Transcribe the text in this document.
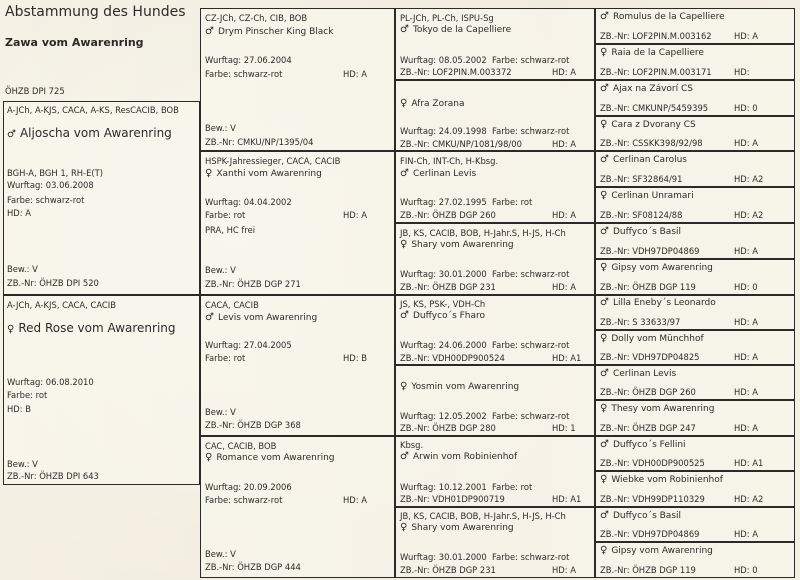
Abstammung des Hundes
Zawa vom Awarenring
ÖHZB DPI 725
A-JCh, A-KJS, CACA, A-KS, ResCACIB, BOB
♂ Aljoscha vom Awarenring
BGH-A, BGH 1, RH-E(T)
Wurftag: 03.06.2008
Farbe: schwarz-rot
HD: A
Bew.: V
ZB.-Nr: ÖHZB DPI 520
A-JCh, A-KJS, CACA, CACIB
♀ Red Rose vom Awarenring
Wurftag: 06.08.2010
Farbe: rot
HD: B
Bew.: V
ZB.-Nr: ÖHZB DPI 643
CZ-JCh, CZ-Ch, CIB, BOB
♂ Drym Pinscher King Black
Wurftag: 27.06.2004
Farbe: schwarz-rot	HD: A
Bew.: V
ZB.-Nr: CMKU/NP/1395/04
HSPK-Jahressieger, CACA, CACIB
♀ Xanthi vom Awarenring
Wurftag: 04.04.2002
Farbe: rot	HD: A
PRA, HC frei
Bew.: V
ZB.-Nr: ÖHZB DGP 271
CACA, CACIB
♂ Levis vom Awarenring
Wurftag: 27.04.2005
Farbe: rot	HD: B
Bew.: V
ZB.-Nr: ÖHZB DGP 368
CAC, CACIB, BOB
♀ Romance vom Awarenring
Wurftag: 20.09.2006
Farbe: schwarz-rot	HD: A
Bew.: V
ZB.-Nr: ÖHZB DGP 444
PL-JCh, PL-Ch, ISPU-Sg
♂ Tokyo de la Capelliere
Wurftag: 08.05.2002 Farbe: schwarz-rot
ZB.-Nr: LOF2PIN.M.003372	HD: A
♀ Afra Zorana
Wurftag: 24.09.1998 Farbe: schwarz-rot
ZB.-Nr: CMKU/NP/1081/98/00	HD: A
FIN-Ch, INT-Ch, H-Kbsg.
♂ Cerlinan Levis
Wurftag: 27.02.1995 Farbe: rot
ZB.-Nr: ÖHZB DGP 260	HD: A
JB, KS, CACIB, BOB, H-Jahr.S, H-JS, H-Ch
♀ Shary vom Awarenring
Wurftag: 30.01.2000 Farbe: schwarz-rot
ZB.-Nr: ÖHZB DGP 231	HD: A
JS, KS, PSK-, VDH-Ch
♂ Duffyco´s Fharo
Wurftag: 24.06.2000 Farbe: schwarz-rot
ZB.-Nr: VDH00DP900524	HD: A1
♀ Yosmin vom Awarenring
Wurftag: 12.05.2002 Farbe: schwarz-rot
ZB.-Nr: ÖHZB DGP 280	HD: 1
Kbsg.
♂ Arwin vom Robinienhof
Wurftag: 10.12.2001 Farbe: rot
ZB.-Nr: VDH01DP900719	HD: A1
JB, KS, CACIB, BOB, H-Jahr.S, H-JS, H-Ch
♀ Shary vom Awarenring
Wurftag: 30.01.2000 Farbe: schwarz-rot
ZB.-Nr: ÖHZB DGP 231	HD: A
♂ Romulus de la Capelliere
ZB.-Nr: LOF2PIN.M.003162	HD: A
♀ Raia de la Capelliere
ZB.-Nr: LOF2PIN.M.003171	HD:
♂ Ajax na Závorí CS
ZB.-Nr: CMKUNP/5459395	HD: 0
♀ Cara z Dvorany CS
ZB.-Nr: CSSKK398/92/98	HD: A
♂ Cerlinan Carolus
ZB.-Nr: SF32864/91	HD: A2
♀ Cerlinan Unramari
ZB.-Nr: SF08124/88	HD: A2
♂ Duffyco´s Basil
ZB.-Nr: VDH97DP04869	HD: A
♀ Gipsy vom Awarenring
ZB.-Nr: ÖHZB DGP 119	HD: 0
♂ Lilla Eneby´s Leonardo
ZB.-Nr: S 33633/97	HD: A
♀ Dolly vom Münchhof
ZB.-Nr: VDH97DP04825	HD: A
♂ Cerlinan Levis
ZB.-Nr: ÖHZB DGP 260	HD: A
♀ Thesy vom Awarenring
ZB.-Nr: ÖHZB DGP 247	HD: A
♂ Duffyco´s Fellini
ZB.-Nr: VDH00DP900525	HD: A1
♀ Wiebke vom Robinienhof
ZB.-Nr: VDH99DP110329	HD: A2
♂ Duffyco´s Basil
ZB.-Nr: VDH97DP04869	HD: A
♀ Gipsy vom Awarenring
ZB.-Nr: ÖHZB DGP 119	HD: 0
